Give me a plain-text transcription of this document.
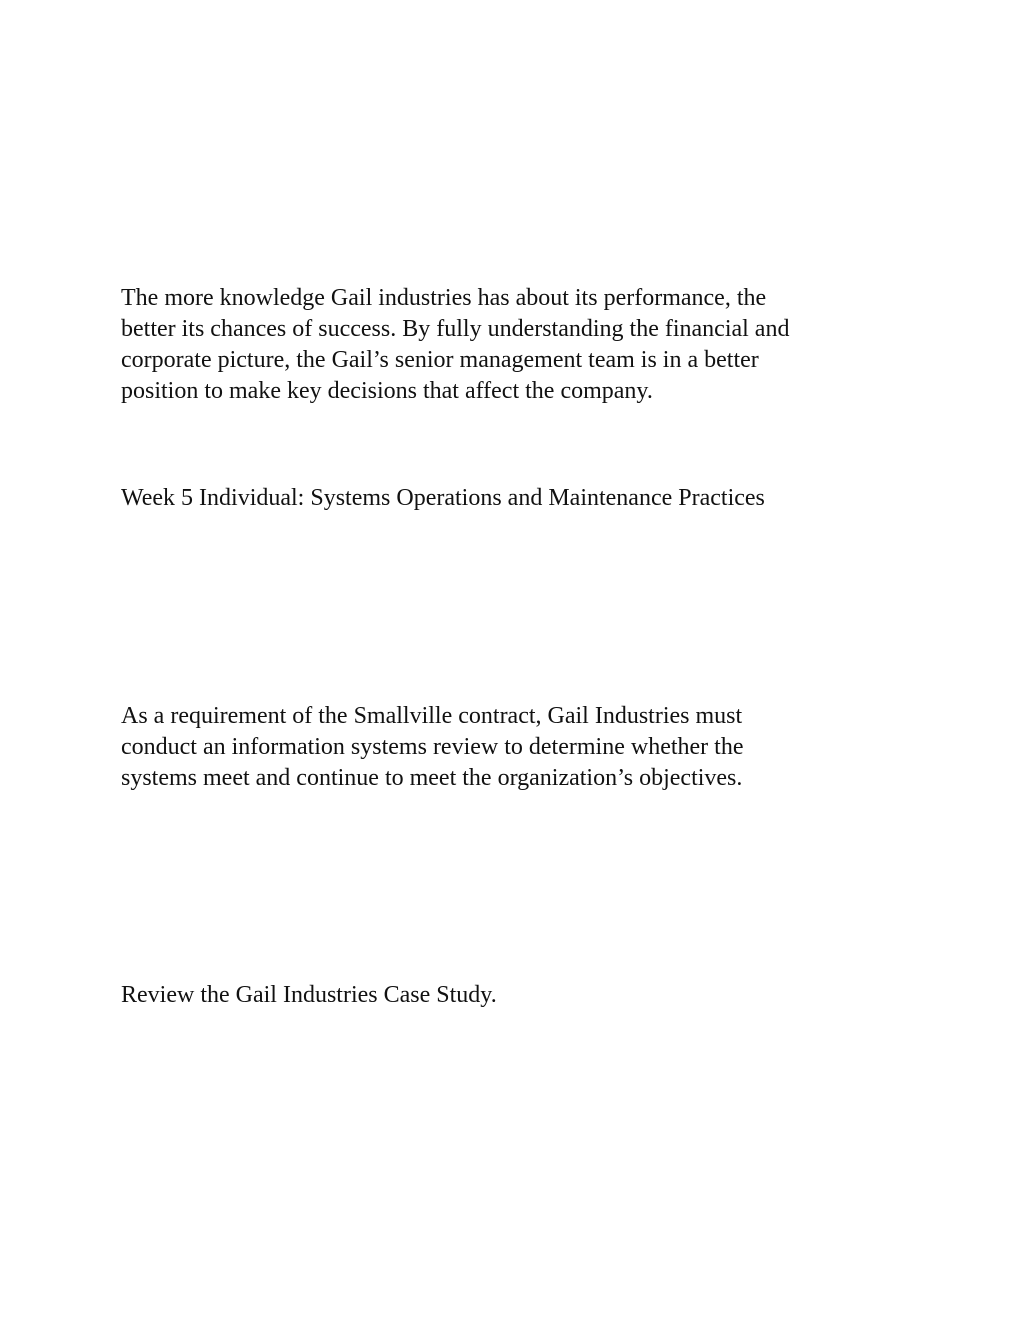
The more knowledge Gail industries has about its performance, the
better its chances of success. By fully understanding the financial and
corporate picture, the Gail’s senior management team is in a better
position to make key decisions that affect the company.

Week 5 Individual: Systems Operations and Maintenance Practices

As a requirement of the Smallville contract, Gail Industries must
conduct an information systems review to determine whether the
systems meet and continue to meet the organization’s objectives.

Review the Gail Industries Case Study.
